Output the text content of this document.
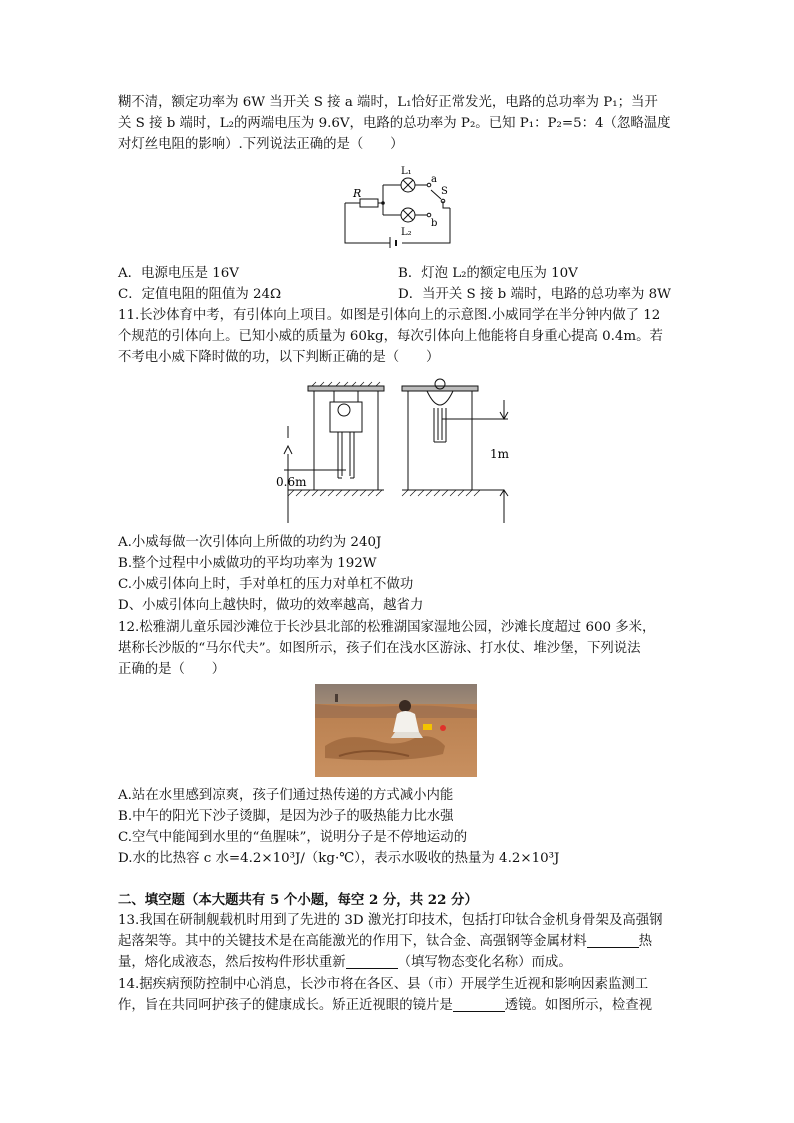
糊不清，额定功率为 6W 当开关 S 接 a 端时，L₁恰好正常发光，电路的总功率为 P₁；当开
关 S 接 b 端时，L₂的两端电压为 9.6V，电路的总功率为 P₂。已知 P₁：P₂=5：4（忽略温度
对灯丝电阻的影响）.下列说法正确的是（　　）
R
L₁
L₂
a
b
S
A．电源电压是 16V	B．灯泡 L₂的额定电压为 10V
C．定值电阻的阻值为 24Ω	D．当开关 S 接 b 端时，电路的总功率为 8W
11.长沙体育中考，有引体向上项目。如图是引体向上的示意图.小威同学在半分钟内做了 12
个规范的引体向上。已知小威的质量为 60kg，每次引体向上他能将自身重心提高 0.4m。若
不考电小威下降时做的功，以下判断正确的是（　　）
0.6m
1m
A.小威每做一次引体向上所做的功约为 240J
B.整个过程中小威做功的平均功率为 192W
C.小威引体向上时，手对单杠的压力对单杠不做功
D、小威引体向上越快时，做功的效率越高，越省力
12.松雅湖儿童乐园沙滩位于长沙县北部的松雅湖国家湿地公园，沙滩长度超过 600 多米，
堪称长沙版的“马尔代夫”。如图所示，孩子们在浅水区游泳、打水仗、堆沙堡，下列说法
正确的是（　　）
A.站在水里感到凉爽，孩子们通过热传递的方式减小内能
B.中午的阳光下沙子烫脚，是因为沙子的吸热能力比水强
C.空气中能闻到水里的“鱼腥味”，说明分子是不停地运动的
D.水的比热容 c 水=4.2×10³J/（kg·℃），表示水吸收的热量为 4.2×10³J
二、填空题（本大题共有 5 个小题，每空 2 分，共 22 分）
13.我国在研制舰载机时用到了先进的 3D 激光打印技术，包括打印钛合金机身骨架及高强钢
起落架等。其中的关键技术是在高能激光的作用下，钛合金、高强钢等金属材料	热
量，熔化成液态，然后按构件形状重新	（填写物态变化名称）而成。
14.据疾病预防控制中心消息，长沙市将在各区、县（市）开展学生近视和影响因素监测工
作，旨在共同呵护孩子的健康成长。矫正近视眼的镜片是	透镜。如图所示，检查视
